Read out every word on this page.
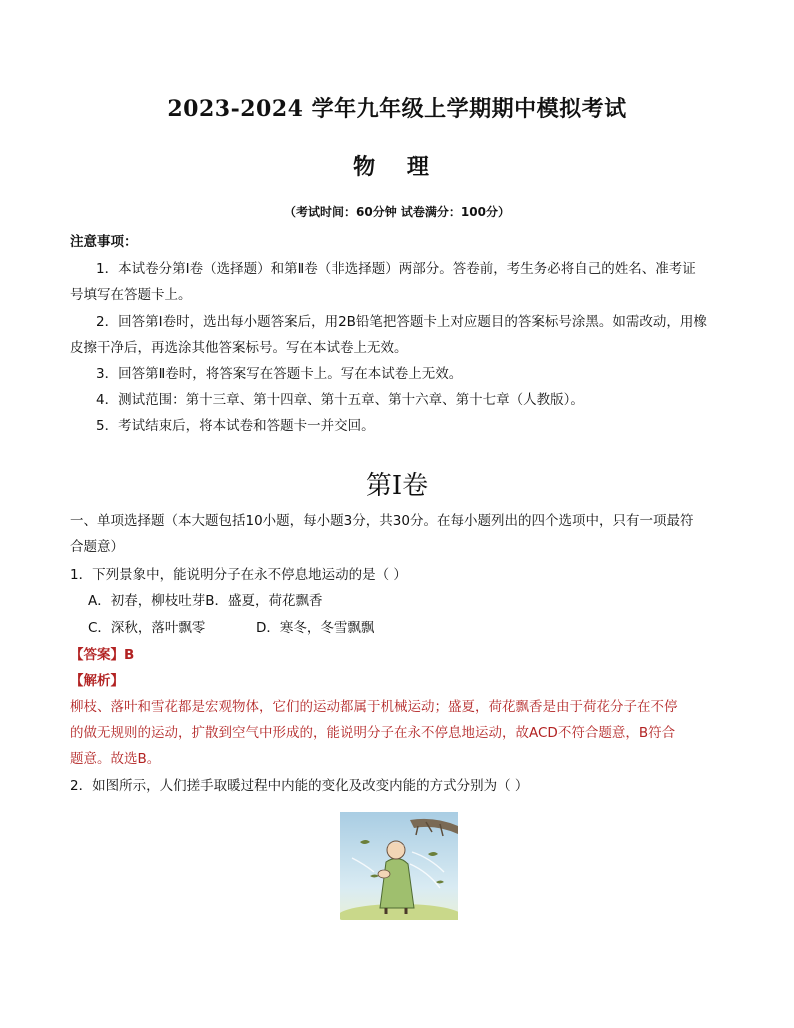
2023-2024 学年九年级上学期期中模拟考试
物 理
（考试时间：60分钟 试卷满分：100分）
注意事项：
1．本试卷分第Ⅰ卷（选择题）和第Ⅱ卷（非选择题）两部分。答卷前，考生务必将自己的姓名、准考证
号填写在答题卡上。
2．回答第Ⅰ卷时，选出每小题答案后，用2B铅笔把答题卡上对应题目的答案标号涂黑。如需改动，用橡
皮擦干净后，再选涂其他答案标号。写在本试卷上无效。
3．回答第Ⅱ卷时，将答案写在答题卡上。写在本试卷上无效。
4．测试范围：第十三章、第十四章、第十五章、第十六章、第十七章（人教版）。
5．考试结束后，将本试卷和答题卡一并交回。
第Ⅰ卷
一、单项选择题（本大题包括10小题，每小题3分，共30分。在每小题列出的四个选项中，只有一项最符
合题意）
1．下列景象中，能说明分子在永不停息地运动的是（ ）
A．初春，柳枝吐芽B．盛夏，荷花飘香
C．深秋，落叶飘零	D．寒冬，冬雪飘飘
【答案】B
【解析】
柳枝、落叶和雪花都是宏观物体，它们的运动都属于机械运动；盛夏，荷花飘香是由于荷花分子在不停
的做无规则的运动，扩散到空气中形成的，能说明分子在永不停息地运动，故ACD不符合题意，B符合
题意。故选B。
2．如图所示，人们搓手取暖过程中内能的变化及改变内能的方式分别为（ ）
